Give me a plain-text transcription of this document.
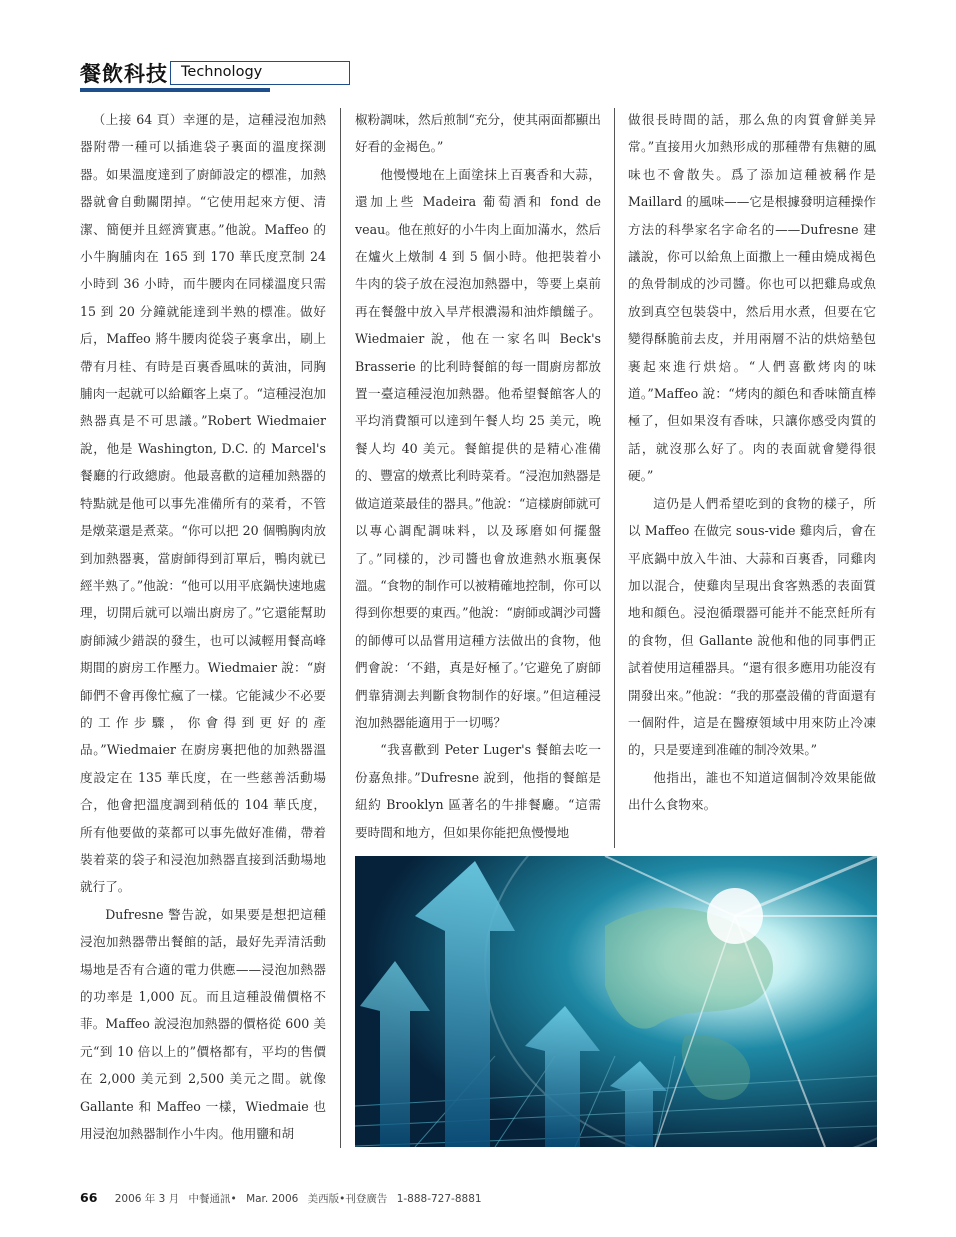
餐飲科技 Technology

（上接 64 頁）幸運的是，這種浸泡加熱器附帶一種可以插進袋子裏面的溫度探測器。如果溫度達到了廚師設定的標准，加熱器就會自動關閉掉。“它使用起來方便、清潔、簡便并且經濟實惠。”他說。Maffeo 的小牛胸脯肉在 165 到 170 華氏度烹制 24 小時到 36 小時，而牛腰肉在同樣溫度只需 15 到 20 分鐘就能達到半熟的標准。做好后，Maffeo 將牛腰肉從袋子裏拿出，刷上帶有月桂、有時是百裏香風味的黃油，同胸脯肉一起就可以給顧客上桌了。“這種浸泡加熱器真是不可思議。”Robert Wiedmaier 說，他是 Washington, D.C. 的 Marcel's 餐廳的行政總廚。他最喜歡的這種加熱器的特點就是他可以事先准備所有的菜肴，不管是燉菜還是煮菜。“你可以把 20 個鴨胸肉放到加熱器裏，當廚師得到訂單后，鴨肉就已經半熟了。”他說：“他可以用平底鍋快速地處理，切開后就可以端出廚房了。”它還能幫助廚師減少錯誤的發生，也可以減輕用餐高峰期間的廚房工作壓力。Wiedmaier 說：“廚師們不會再像忙瘋了一樣。它能減少不必要的工作步驟，你會得到更好的產品。”Wiedmaier 在廚房裏把他的加熱器溫度設定在 135 華氏度，在一些慈善活動場合，他會把溫度調到稍低的 104 華氏度，所有他要做的菜都可以事先做好准備，帶着裝着菜的袋子和浸泡加熱器直接到活動場地就行了。

Dufresne 警告說，如果要是想把這種浸泡加熱器帶出餐館的話，最好先弄清活動場地是否有合適的電力供應——浸泡加熱器的功率是 1,000 瓦。而且這種設備價格不菲。Maffeo 說浸泡加熱器的價格從 600 美元“到 10 倍以上的”價格都有，平均的售價在 2,000 美元到 2,500 美元之間。就像 Gallante 和 Maffeo 一樣，Wiedmaie 也用浸泡加熱器制作小牛肉。他用鹽和胡

椒粉調味，然后煎制“充分，使其兩面都顯出好看的金褐色。”

他慢慢地在上面塗抹上百裏香和大蒜，還加上些 Madeira 葡萄酒和 fond de veau。他在煎好的小牛肉上面加滿水，然后在爐火上燉制 4 到 5 個小時。他把裝着小牛肉的袋子放在浸泡加熱器中，等要上桌前再在餐盤中放入旱芹根濃湯和油炸饋饈子。Wiedmaier 說，他在一家名叫 Beck's Brasserie 的比利時餐館的每一間廚房都放置一臺這種浸泡加熱器。他希望餐館客人的平均消費額可以達到午餐人均 25 美元，晚餐人均 40 美元。餐館提供的是精心准備的、豐富的燉煮比利時菜肴。“浸泡加熱器是做這道菜最佳的器具。”他說：“這樣廚師就可以專心調配調味料，以及琢磨如何擺盤了。”同樣的，沙司醬也會放進熱水瓶裏保溫。“食物的制作可以被精確地控制，你可以得到你想要的東西。”他說：“廚師或調沙司醬的師傅可以品嘗用這種方法做出的食物，他們會說：‘不錯，真是好極了。’它避免了廚師們靠猜測去判斷食物制作的好壞。”但這種浸泡加熱器能適用于一切嗎？

“我喜歡到 Peter Luger's 餐館去吃一份嘉魚排。”Dufresne 說到，他指的餐館是紐約 Brooklyn 區著名的牛排餐廳。“這需要時間和地方，但如果你能把魚慢慢地

做很長時間的話，那么魚的肉質會鮮美异常。”直接用火加熱形成的那種帶有焦糖的風味也不會散失。爲了添加這種被稱作是 Maillard 的風味——它是根據發明這種操作方法的科學家名字命名的——Dufresne 建議說，你可以給魚上面撒上一種由燒成褐色的魚骨制成的沙司醬。你也可以把雞鳥或魚放到真空包裝袋中，然后用水煮，但要在它變得酥脆前去皮，并用兩層不沾的烘焙墊包裹起來進行烘焙。“人們喜歡烤肉的味道。”Maffeo 說：“烤肉的顔色和香味簡直棒極了，但如果沒有香味，只讓你感受肉質的話，就沒那么好了。肉的表面就會變得很硬。”

這仍是人們希望吃到的食物的樣子，所以 Maffeo 在做完 sous-vide 雞肉后，會在平底鍋中放入牛油、大蒜和百裏香，同雞肉加以混合，使雞肉呈現出食客熟悉的表面質地和顔色。浸泡循環器可能并不能烹飪所有的食物，但 Gallante 說他和他的同事們正試着使用這種器具。“還有很多應用功能沒有開發出來。”他說：“我的那臺設備的背面還有一個附件，這是在醫療領域中用來防止冷凍的，只是要達到准確的制冷效果。”

他指出，誰也不知道這個制冷效果能做出什么食物來。

66 2006 年 3 月 中餐通訊• Mar. 2006 美西版•刊登廣告 1-888-727-8881
